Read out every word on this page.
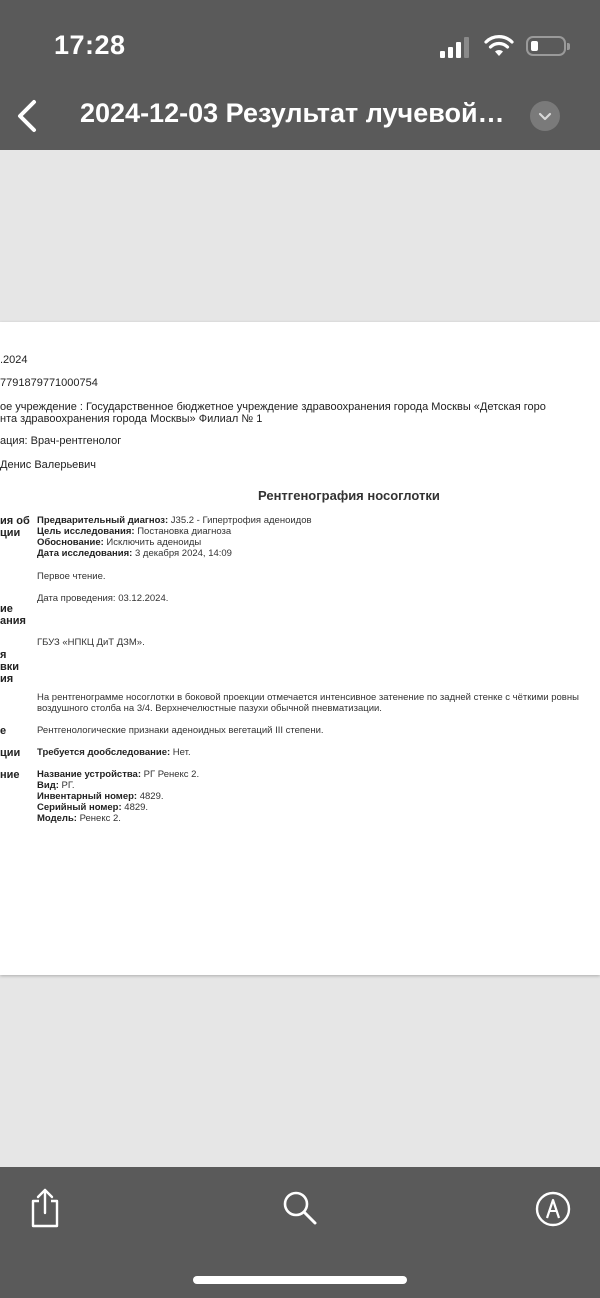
17:28
2024-12-03 Результат лучевой…
.2024
7791879771000754
ое учреждение : Государственное бюджетное учреждение здравоохранения города Москвы «Детская горо
нта здравоохранения города Москвы» Филиал № 1
ация: Врач-рентгенолог
Денис Валерьевич
Рентгенография носоглотки
ия об
ции
ие
ания
я
вки
ия
е
ции
ние
Предварительный диагноз: J35.2 - Гипертрофия аденоидов
Цель исследования: Постановка диагноза
Обоснование: Исключить аденоиды
Дата исследования: 3 декабря 2024, 14:09
Первое чтение.
Дата проведения: 03.12.2024.
ГБУЗ «НПКЦ ДиТ ДЗМ».
На рентгенограмме носоглотки в боковой проекции отмечается интенсивное затенение по задней стенке с чёткими ровны
воздушного столба на 3/4. Верхнечелюстные пазухи обычной пневматизации.
Рентгенологические признаки аденоидных вегетаций III степени.
Требуется дообследование: Нет.
Название устройства: РГ Ренекс 2.
Вид: РГ.
Инвентарный номер: 4829.
Серийный номер: 4829.
Модель: Ренекс 2.
